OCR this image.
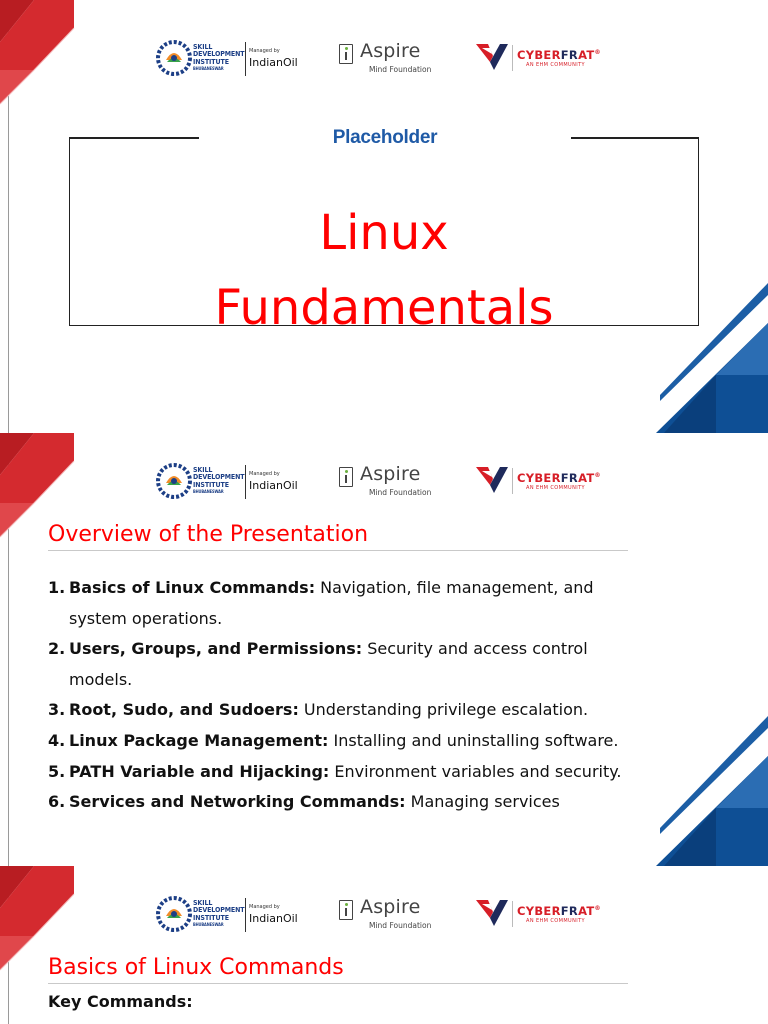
SKILL
DEVELOPMENT
INSTITUTE
BHUBANESWAR
Managed by
IndianOil
Aspire
Mind Foundation
CYBERFRAT®
AN EHM COMMUNITY
Placeholder
Linux
Fundamentals
SKILL
DEVELOPMENT
INSTITUTE
BHUBANESWAR
Managed by
IndianOil
Aspire
Mind Foundation
CYBERFRAT®
AN EHM COMMUNITY
Overview of the Presentation
1. Basics of Linux Commands: Navigation, file management, and system operations.
2. Users, Groups, and Permissions: Security and access control models.
3. Root, Sudo, and Sudoers: Understanding privilege escalation.
4. Linux Package Management: Installing and uninstalling software.
5. PATH Variable and Hijacking: Environment variables and security.
6. Services and Networking Commands: Managing services
SKILL
DEVELOPMENT
INSTITUTE
BHUBANESWAR
Managed by
IndianOil
Aspire
Mind Foundation
CYBERFRAT®
AN EHM COMMUNITY
Basics of Linux Commands
Key Commands:
